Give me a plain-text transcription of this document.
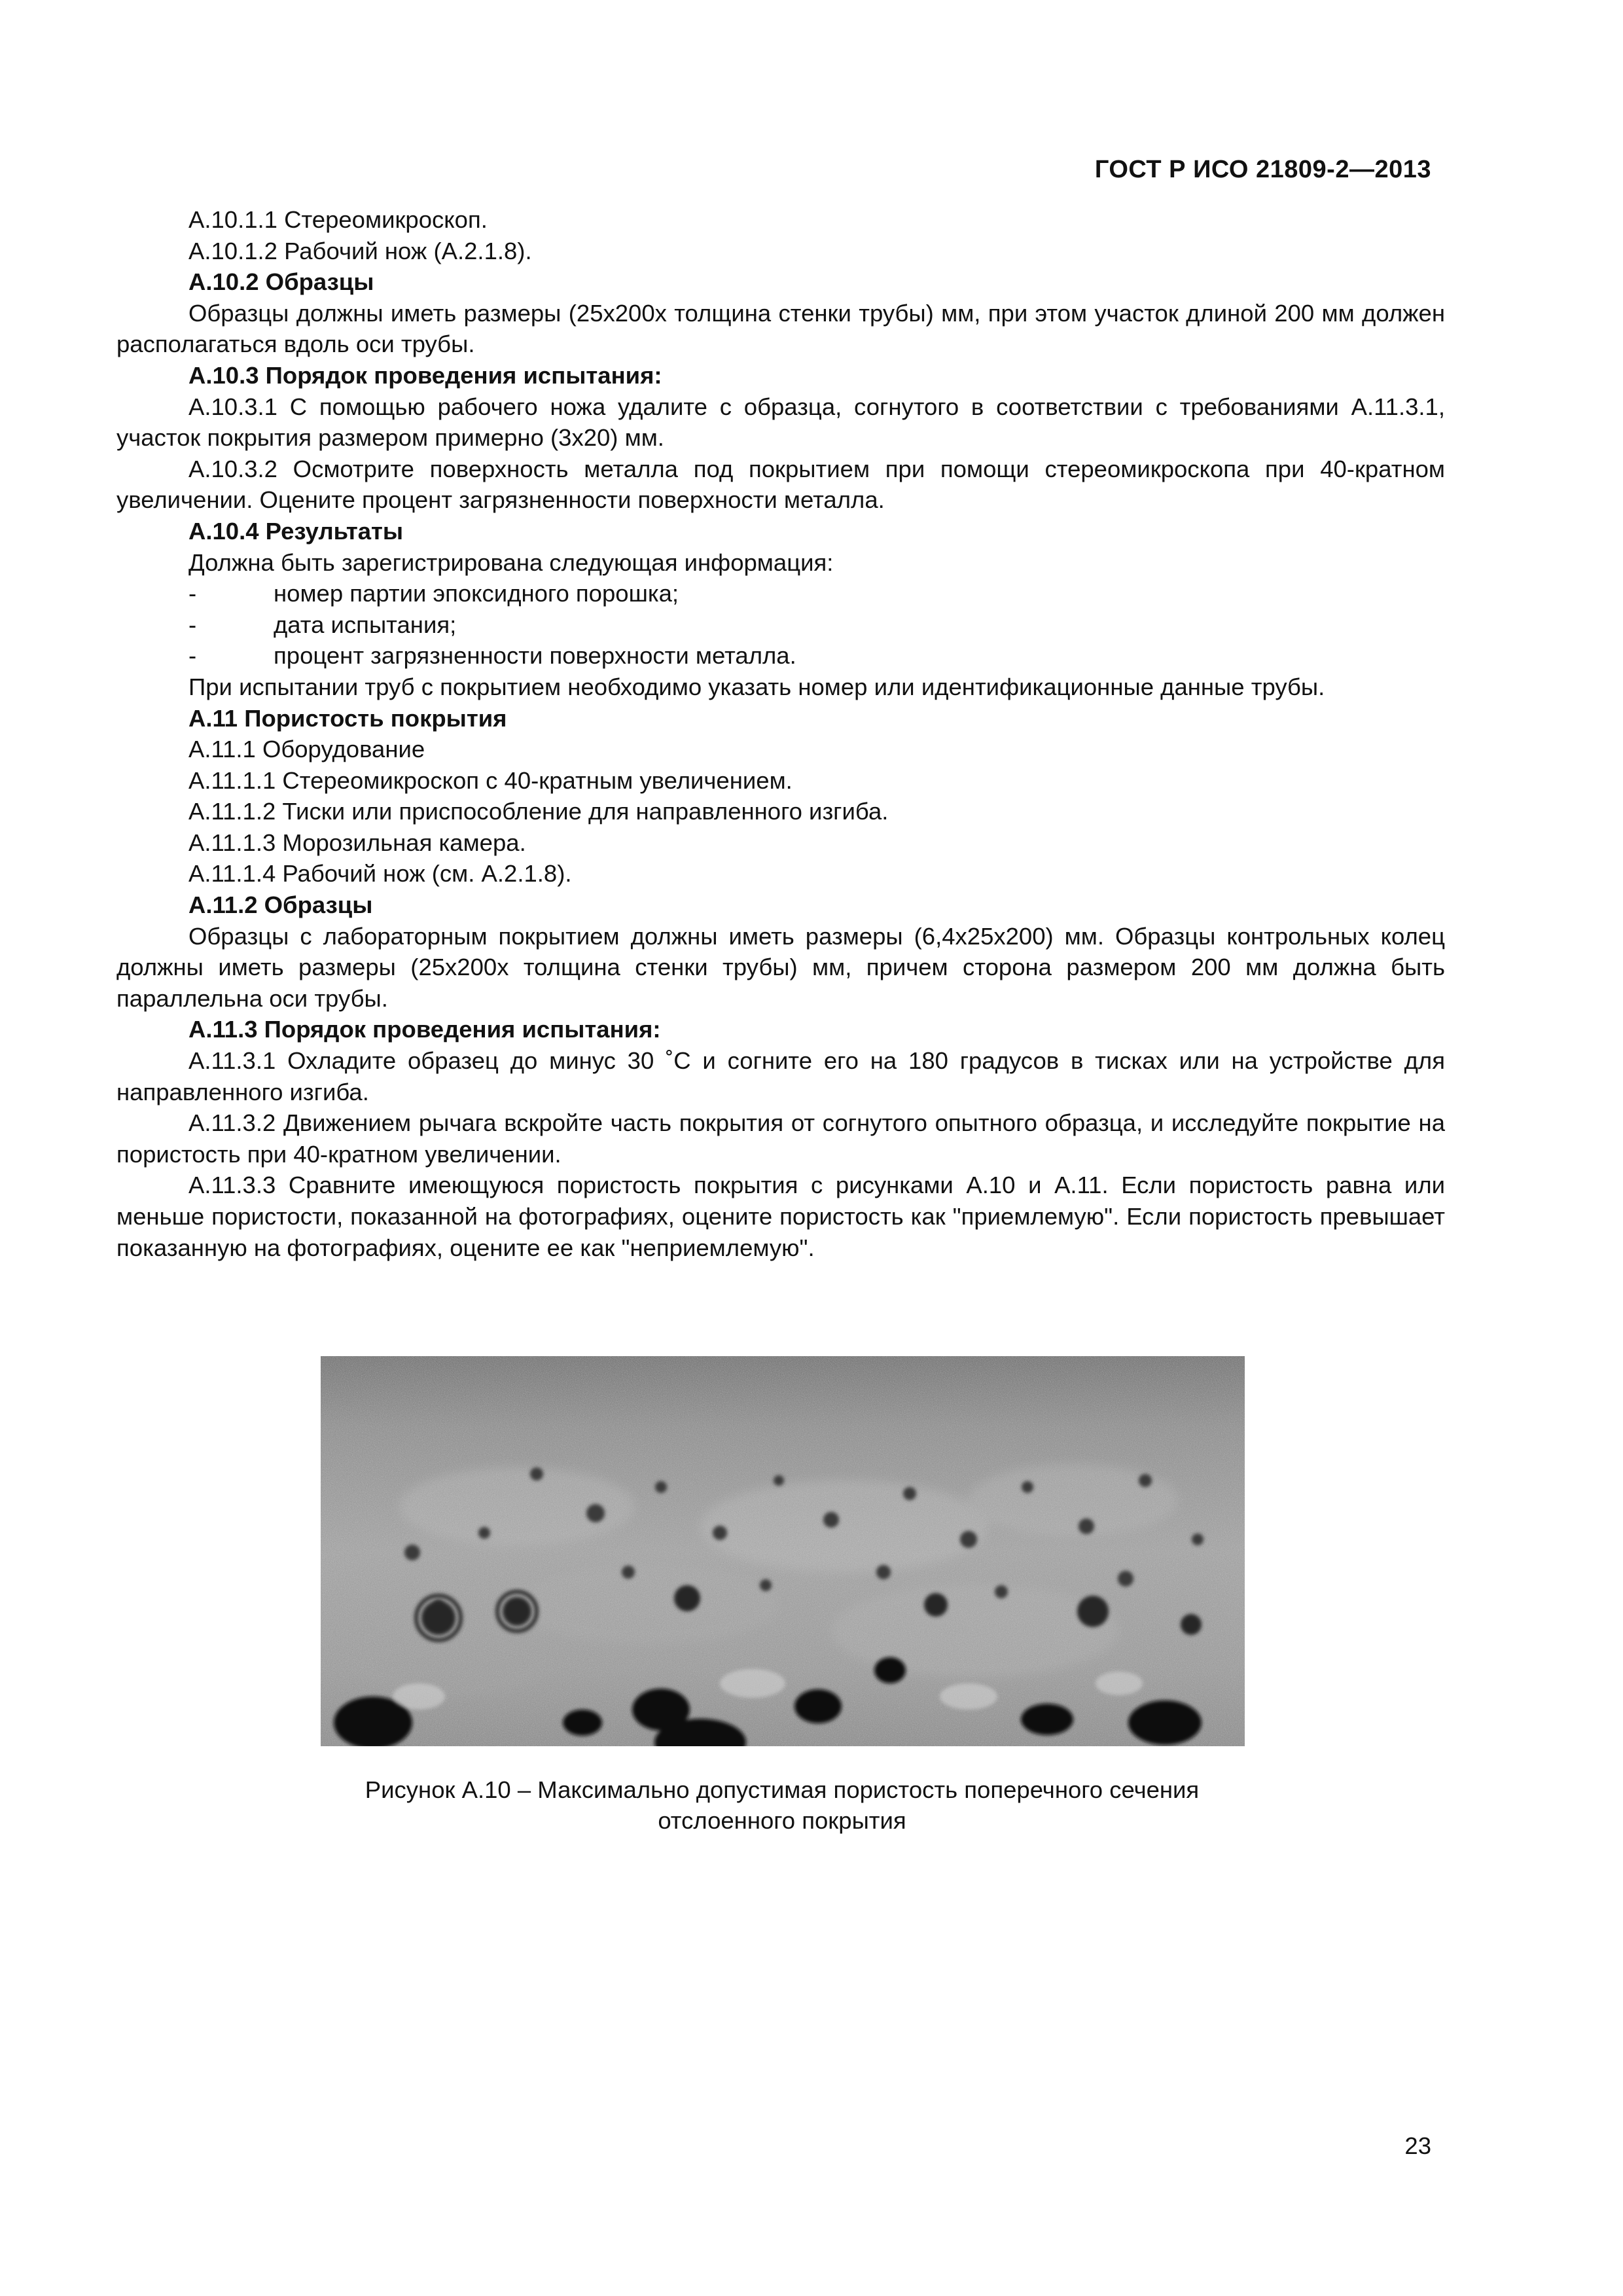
ГОСТ Р ИСО 21809-2—2013

А.10.1.1 Стереомикроскоп.

А.10.1.2 Рабочий нож (А.2.1.8).

А.10.2 Образцы

Образцы должны иметь размеры (25х200х толщина стенки трубы) мм, при этом участок длиной 200 мм должен располагаться вдоль оси трубы.

А.10.3 Порядок проведения испытания:

А.10.3.1 С помощью рабочего ножа удалите с образца, согнутого в соответствии с требованиями А.11.3.1, участок покрытия размером примерно (3х20) мм.

А.10.3.2 Осмотрите поверхность металла под покрытием при помощи стереомикроскопа при 40-кратном увеличении. Оцените процент загрязненности поверхности металла.

А.10.4 Результаты

Должна быть зарегистрирована следующая информация:

-	номер партии эпоксидного порошка;
-	дата испытания;
-	процент загрязненности поверхности металла.

При испытании труб с покрытием необходимо указать номер или идентификационные данные трубы.

А.11 Пористость покрытия

А.11.1 Оборудование

А.11.1.1 Стереомикроскоп с 40-кратным увеличением.

А.11.1.2 Тиски или приспособление для направленного изгиба.

А.11.1.3 Морозильная камера.

А.11.1.4 Рабочий нож (см. А.2.1.8).

А.11.2 Образцы

Образцы с лабораторным покрытием должны иметь размеры (6,4х25х200) мм. Образцы контрольных колец должны иметь размеры (25х200х толщина стенки трубы) мм, причем сторона размером 200 мм должна быть параллельна оси трубы.

А.11.3 Порядок проведения испытания:

А.11.3.1 Охладите образец до минус 30 ˚С и согните его на 180 градусов в тисках или на устройстве для направленного изгиба.

А.11.3.2 Движением рычага вскройте часть покрытия от согнутого опытного образца, и исследуйте покрытие на пористость при 40-кратном увеличении.

А.11.3.3 Сравните имеющуюся пористость покрытия с рисунками А.10 и А.11. Если пористость равна или меньше пористости, показанной на фотографиях, оцените пористость как "приемлемую". Если пористость превышает показанную на фотографиях, оцените ее как "неприемлемую".

Рисунок А.10 – Максимально допустимая пористость поперечного сечения
отслоенного покрытия
23
